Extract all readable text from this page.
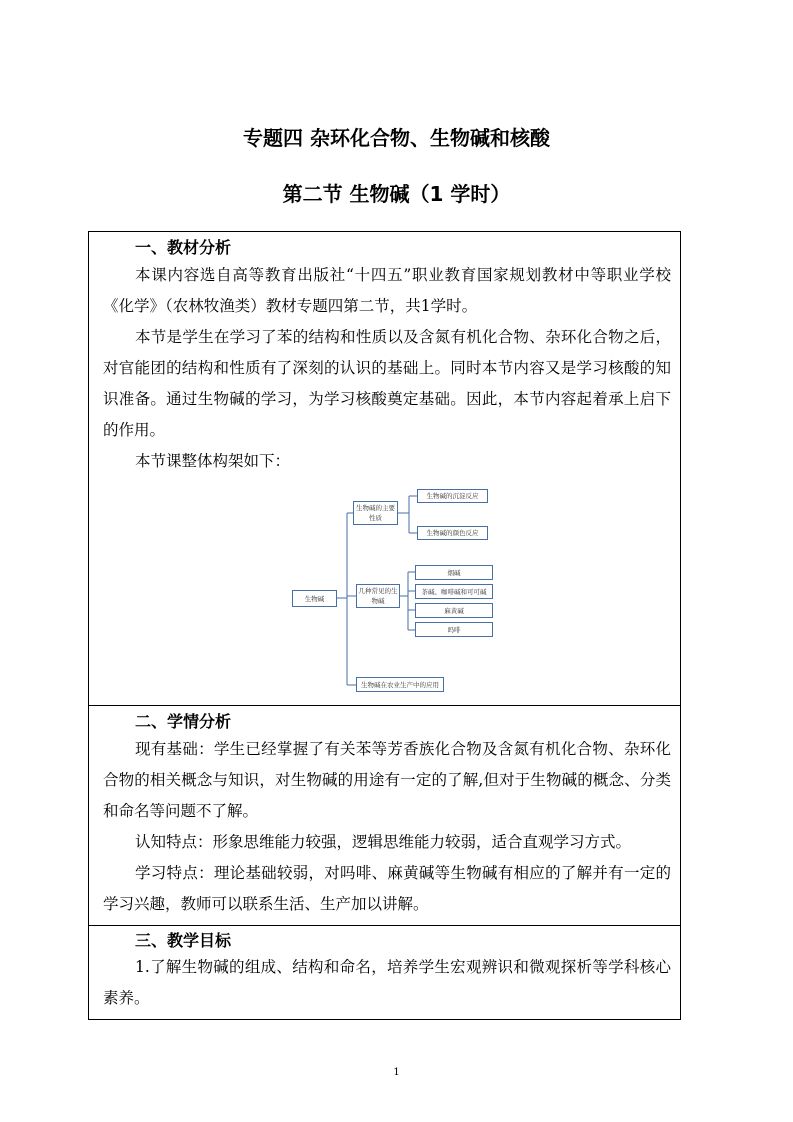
专题四 杂环化合物、生物碱和核酸
第二节 生物碱（1 学时）
一、教材分析
本课内容选自高等教育出版社“十四五”职业教育国家规划教材中等职业学校《化学》（农林牧渔类）教材专题四第二节，共1学时。
本节是学生在学习了苯的结构和性质以及含氮有机化合物、杂环化合物之后，对官能团的结构和性质有了深刻的认识的基础上。同时本节内容又是学习核酸的知识准备。通过生物碱的学习，为学习核酸奠定基础。因此，本节内容起着承上启下的作用。
本节课整体构架如下：
二、学情分析
现有基础：学生已经掌握了有关苯等芳香族化合物及含氮有机化合物、杂环化合物的相关概念与知识，对生物碱的用途有一定的了解,但对于生物碱的概念、分类和命名等问题不了解。
认知特点：形象思维能力较强，逻辑思维能力较弱，适合直观学习方式。
学习特点：理论基础较弱，对吗啡、麻黄碱等生物碱有相应的了解并有一定的学习兴趣，教师可以联系生活、生产加以讲解。
三、教学目标
1.了解生物碱的组成、结构和命名，培养学生宏观辨识和微观探析等学科核心素养。
生物碱
生物碱的主要性质
生物碱的沉淀反应
生物碱的颜色反应
几种常见的生物碱
烟碱
茶碱、咖啡碱和可可碱
麻黄碱
吗啡
生物碱在农业生产中的应用
1
